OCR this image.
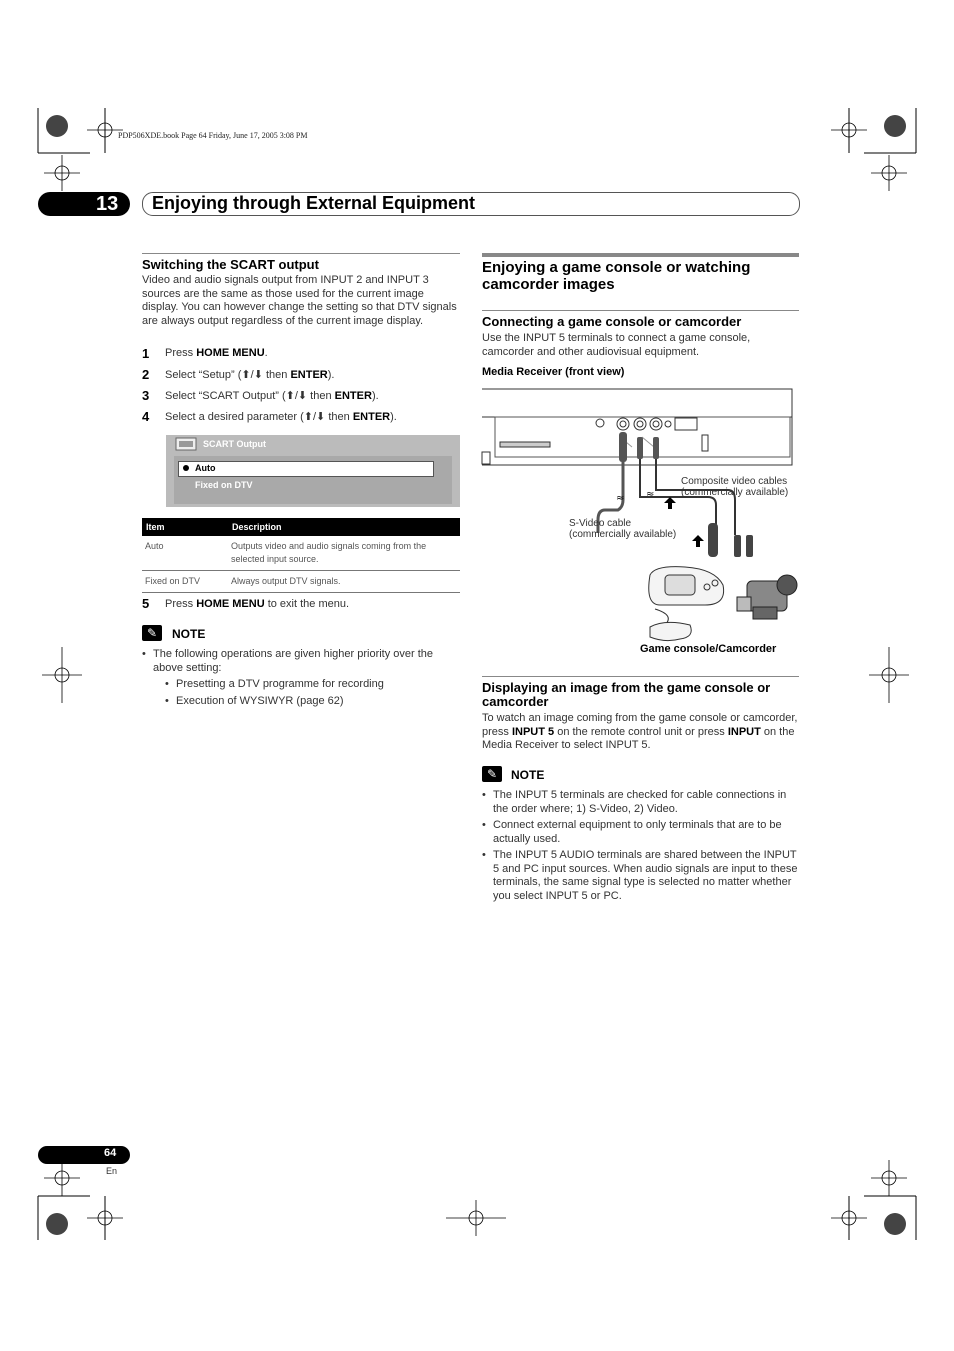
PDP506XDE.book Page 64 Friday, June 17, 2005 3:08 PM
13 Enjoying through External Equipment
Switching the SCART output

Video and audio signals output from INPUT 2 and INPUT 3 sources are the same as those used for the current image display. You can however change the setting so that DTV signals are always output regardless of the current image display.

1 Press HOME MENU.
2 Select “Setup” (⬆/⬇ then ENTER).
3 Select “SCART Output” (⬆/⬇ then ENTER).
4 Select a desired parameter (⬆/⬇ then ENTER).
SCART Output
Auto
Fixed on DTV
Item	Description
Auto	Outputs video and audio signals coming from the selected input source.
Fixed on DTV	Always output DTV signals.
5 Press HOME MENU to exit the menu.
✎	NOTE
• The following operations are given higher priority over the above setting:
• Presetting a DTV programme for recording
• Execution of WYSIWYR (page 62)
Enjoying a game console or watching camcorder images
Connecting a game console or camcorder

Use the INPUT 5 terminals to connect a game console, camcorder and other audiovisual equipment.

Media Receiver (front view)
≈ ≈
Composite video cables
(commercially available)
S-Video cable
(commercially available)
Game console/Camcorder
Displaying an image from the game console or camcorder

To watch an image coming from the game console or camcorder, press INPUT 5 on the remote control unit or press INPUT on the Media Receiver to select INPUT 5.

✎	NOTE
• The INPUT 5 terminals are checked for cable connections in the order where; 1) S-Video, 2) Video.
• Connect external equipment to only terminals that are to be actually used.
• The INPUT 5 AUDIO terminals are shared between the INPUT 5 and PC input sources. When audio signals are input to these terminals, the same signal type is selected no matter whether you select INPUT 5 or PC.
64
En
